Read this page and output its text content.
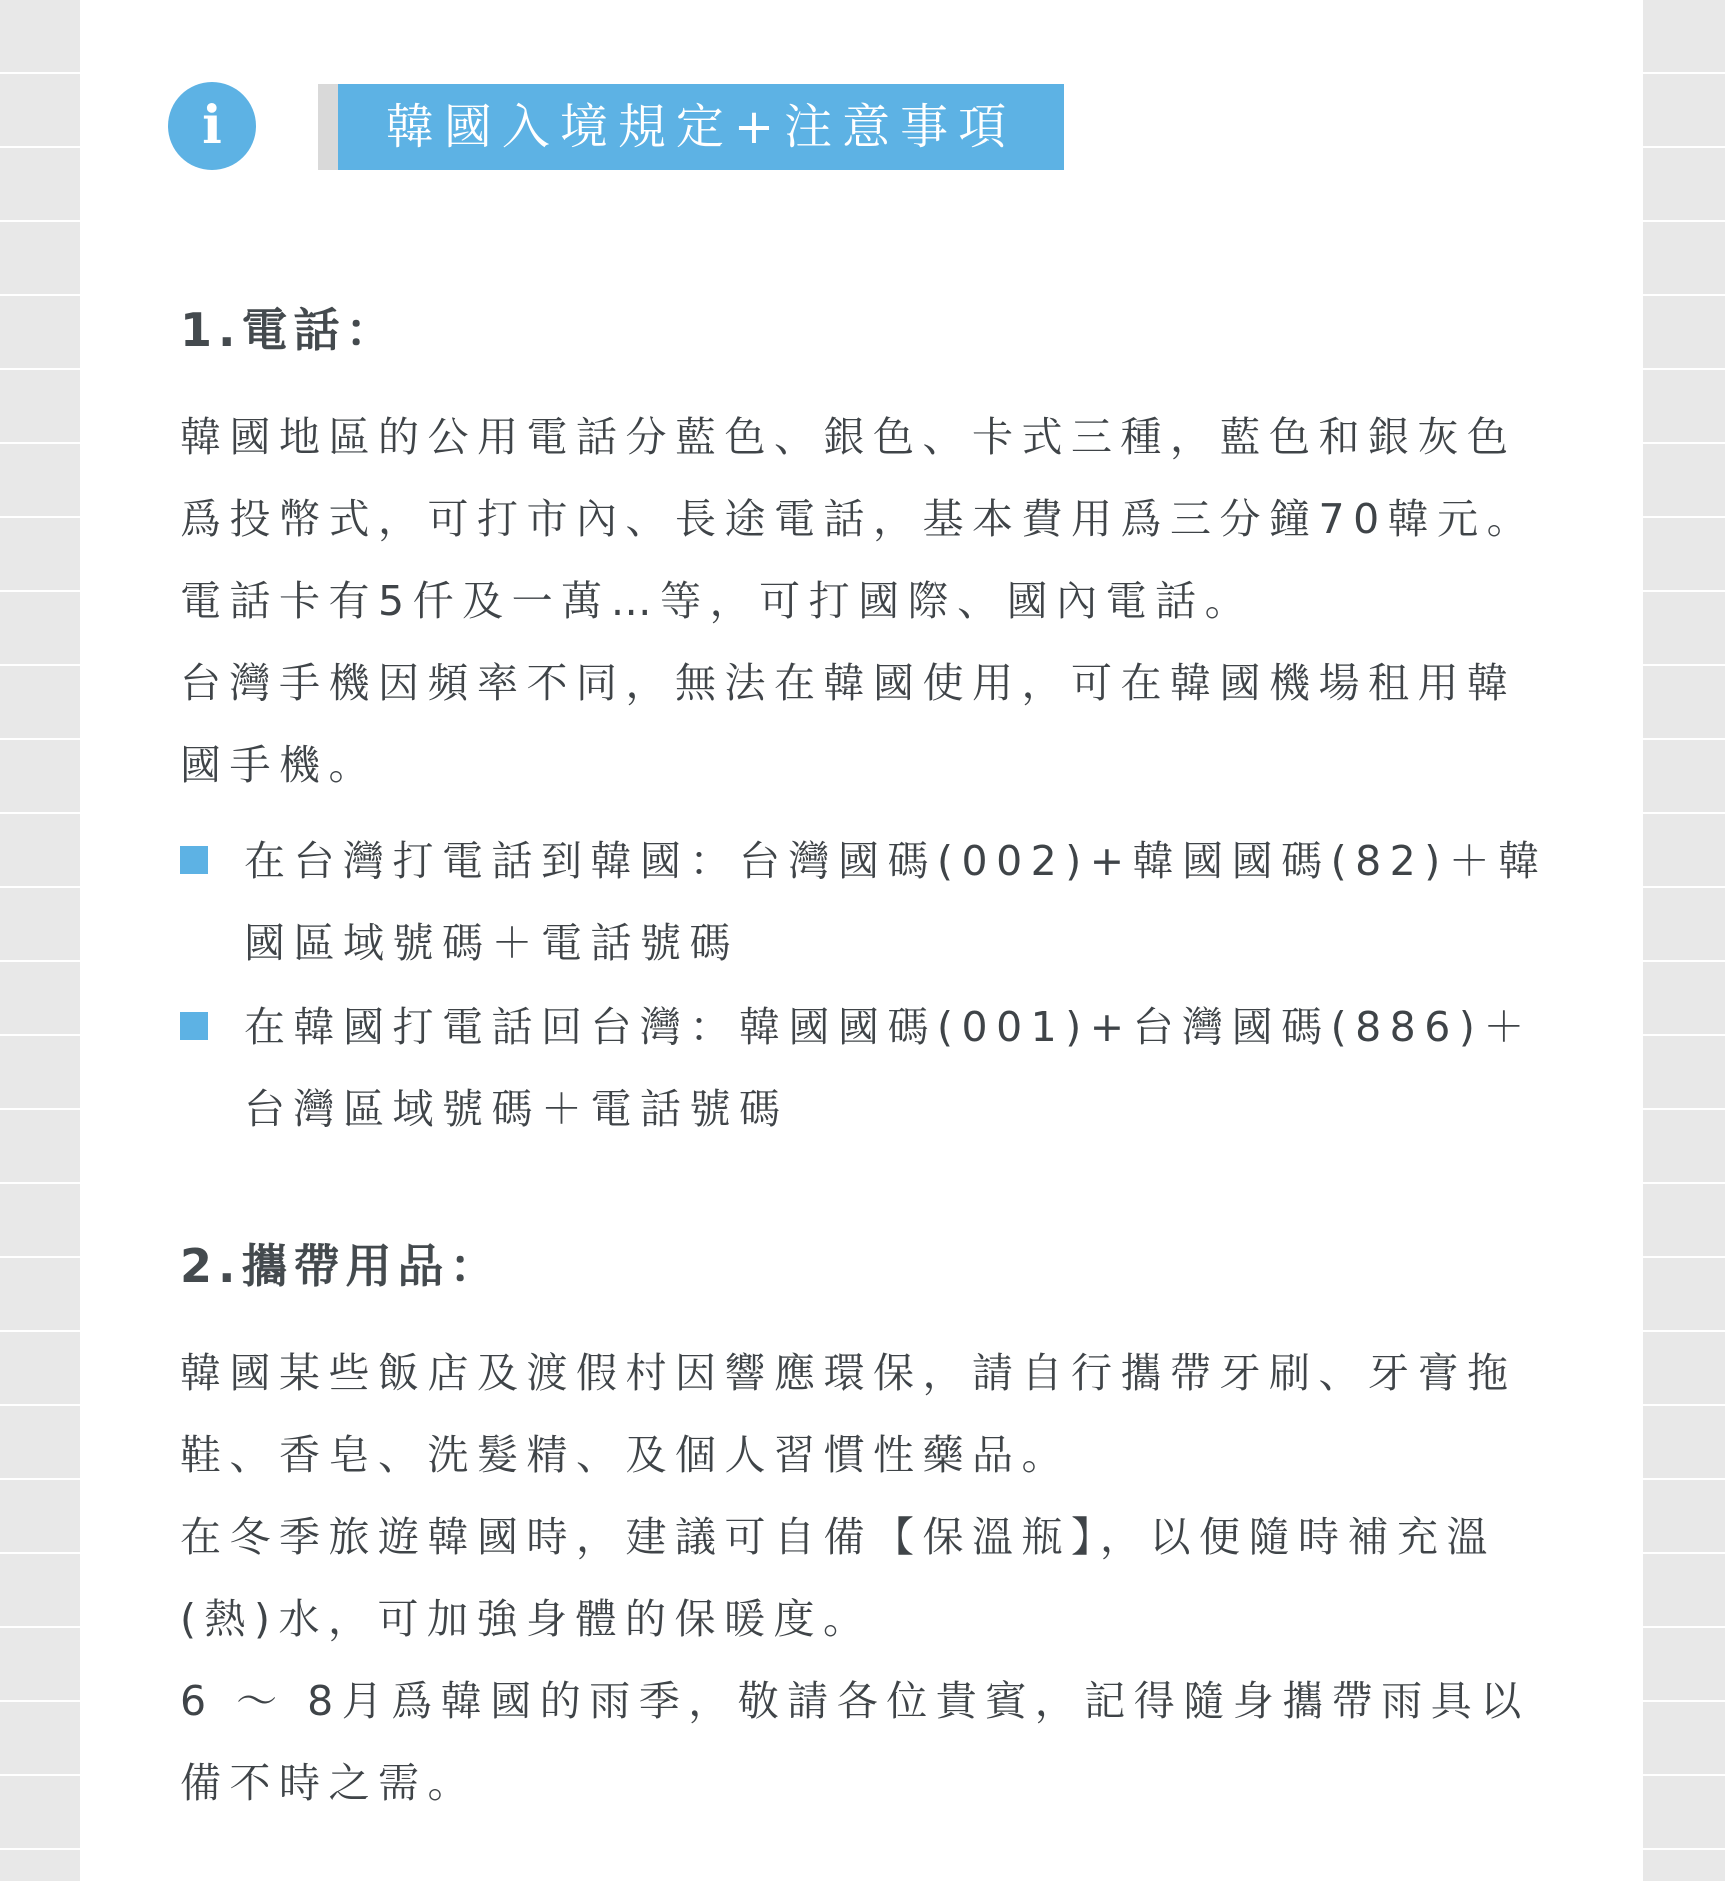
i	韓國入境規定+注意事項
1.電話：
韓國地區的公用電話分藍色、銀色、卡式三種，藍色和銀灰色爲投幣式，可打市內、長途電話，基本費用爲三分鐘70韓元。 電話卡有5仟及一萬…等，可打國際、國內電話。
台灣手機因頻率不同，無法在韓國使用，可在韓國機場租用韓國手機。
在台灣打電話到韓國：台灣國碼(002)+韓國國碼(82)＋韓國區域號碼＋電話號碼
在韓國打電話回台灣：韓國國碼(001)+台灣國碼(886)＋台灣區域號碼＋電話號碼
2.攜帶用品：
韓國某些飯店及渡假村因響應環保，請自行攜帶牙刷、牙膏拖鞋、香皂、洗髮精、及個人習慣性藥品。
在冬季旅遊韓國時，建議可自備【保溫瓶】，以便隨時補充溫(熱)水，可加強身體的保暖度。
6 ～ 8月爲韓國的雨季，敬請各位貴賓，記得隨身攜帶雨具以備不時之需。
